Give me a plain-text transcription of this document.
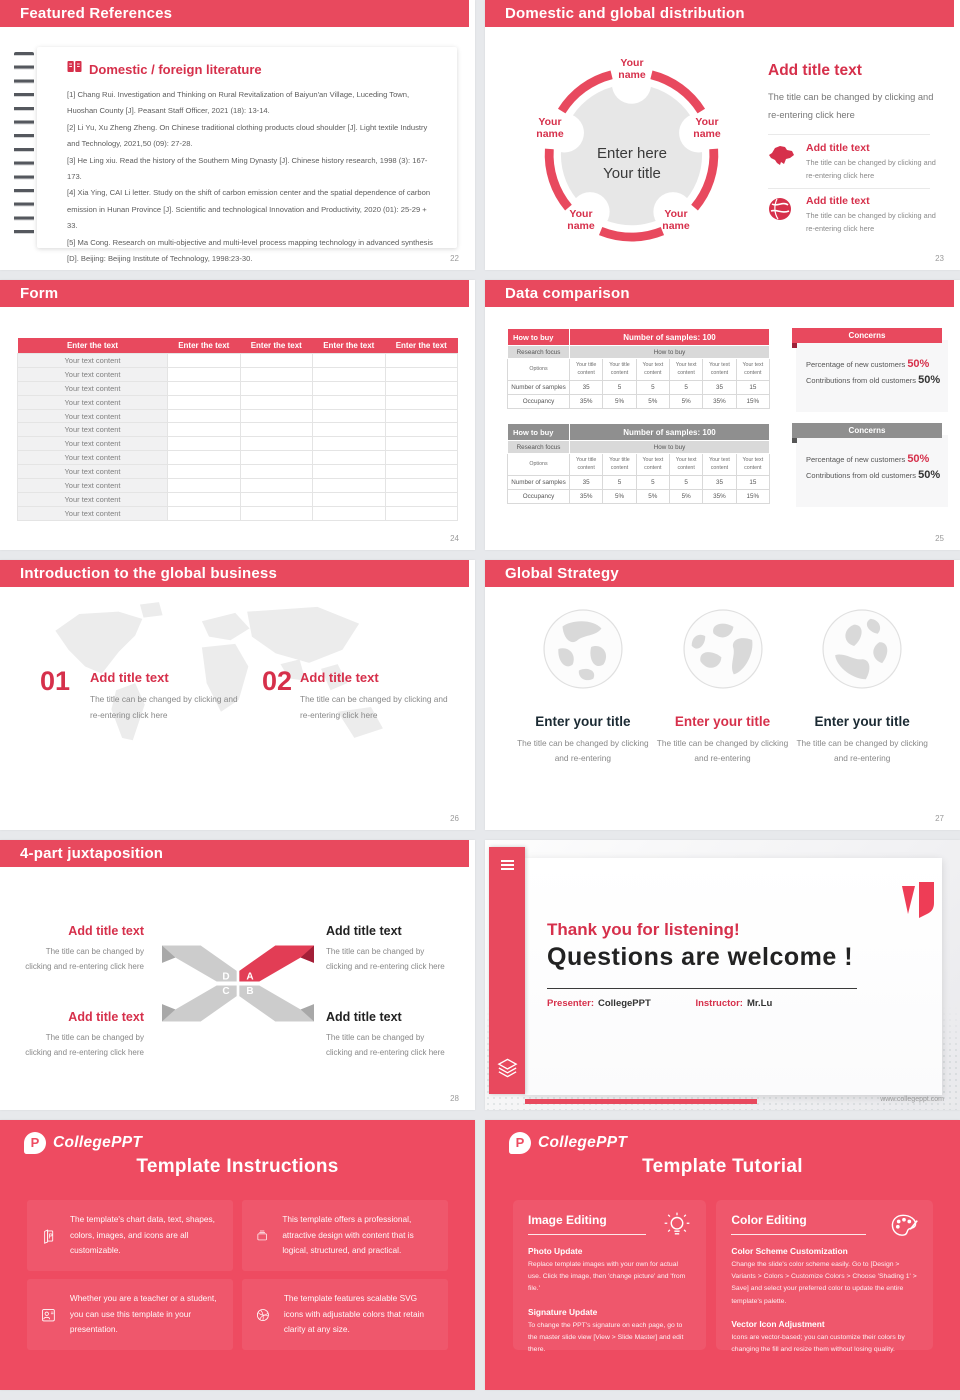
Featured References
Domestic / foreign literature

[1] Chang Rui. Investigation and Thinking on Rural Revitalization of Baiyun'an Village, Luceding Town, Huoshan County [J]. Peasant Staff Officer, 2021 (18): 13-14.

[2] Li Yu, Xu Zheng Zheng. On Chinese traditional clothing products cloud shoulder [J]. Light textile Industry and Technology, 2021,50 (09): 27-28.

[3] He Ling xiu. Read the history of the Southern Ming Dynasty [J]. Chinese history research, 1998 (3): 167-173.

[4] Xia Ying, CAI Li letter. Study on the shift of carbon emission center and the spatial dependence of carbon emission in Hunan Province [J]. Scientific and technological Innovation and Productivity, 2020 (01): 25-29 + 33.

[5] Ma Cong. Research on multi-objective and multi-level process mapping technology in advanced synthesis [D]. Beijing: Beijing Institute of Technology, 1998:23-30.	22
Domestic and global distribution
Your name
Your name
Your name
Your name
Your name
Enter here
Your title
Add title text
The title can be changed by clicking and re-entering click here
Add title text
The title can be changed by clicking and re-entering click here
Add title text
The title can be changed by clicking and re-entering click here
23
Form
Enter the text	Enter the text	Enter the text	Enter the text	Enter the text
Your text content				
Your text content				
Your text content				
Your text content				
Your text content				
Your text content				
Your text content				
Your text content				
Your text content				
Your text content				
Your text content				
Your text content				
24
Data comparison
How to buy	Number of samples: 100					
Research focus	How to buy					
Options	Your title content	Your title content	Your text content	Your text content	Your text content	Your text content
Number of samples	35	5	5	5	35	15
Occupancy	35%	5%	5%	5%	35%	15%
How to buy	Number of samples: 100					
Research focus	How to buy					
Options	Your title content	Your title content	Your text content	Your text content	Your text content	Your text content
Number of samples	35	5	5	5	35	15
Occupancy	35%	5%	5%	5%	35%	15%
Concerns
Percentage of new customers 50%
Contributions from old customers 50%
Concerns
Percentage of new customers 50%
Contributions from old customers 50%
25
Introduction to the global business
01 Add title text
The title can be changed by clicking and re-entering click here
02 Add title text
The title can be changed by clicking and re-entering click here
26
Global Strategy
Enter your title
The title can be changed by clicking and re-entering
Enter your title
The title can be changed by clicking and re-entering
Enter your title
The title can be changed by clicking and re-entering
27
4-part juxtaposition
D A
C B
Add title text
The title can be changed by clicking and re-entering click here
Add title text
The title can be changed by clicking and re-entering click here
Add title text
The title can be changed by clicking and re-entering click here
Add title text
The title can be changed by clicking and re-entering click here
28
Thank you for listening!
Questions are welcome !
Presenter: CollegePPT	Instructor: Mr.Lu
www.collegeppt.com
P CollegePPT
Template Instructions
The template's chart data, text, shapes, colors, images, and icons are all customizable.
This template offers a professional, attractive design with content that is logical, structured, and practical.
Whether you are a teacher or a student, you can use this template in your presentation.
The template features scalable SVG icons with adjustable colors that retain clarity at any size.
P CollegePPT
Template Tutorial
Image Editing
Photo Update
Replace template images with your own for actual use. Click the image, then 'change picture' and 'from file.'
Signature Update
To change the PPT's signature on each page, go to the master slide view [View > Slide Master] and edit there.
Color Editing
Color Scheme Customization
Change the slide's color scheme easily. Go to [Design > Variants > Colors > Customize Colors > Choose 'Shading 1' > Save] and select your preferred color to update the entire template's palette.
Vector Icon Adjustment
Icons are vector-based; you can customize their colors by changing the fill and resize them without losing quality.
